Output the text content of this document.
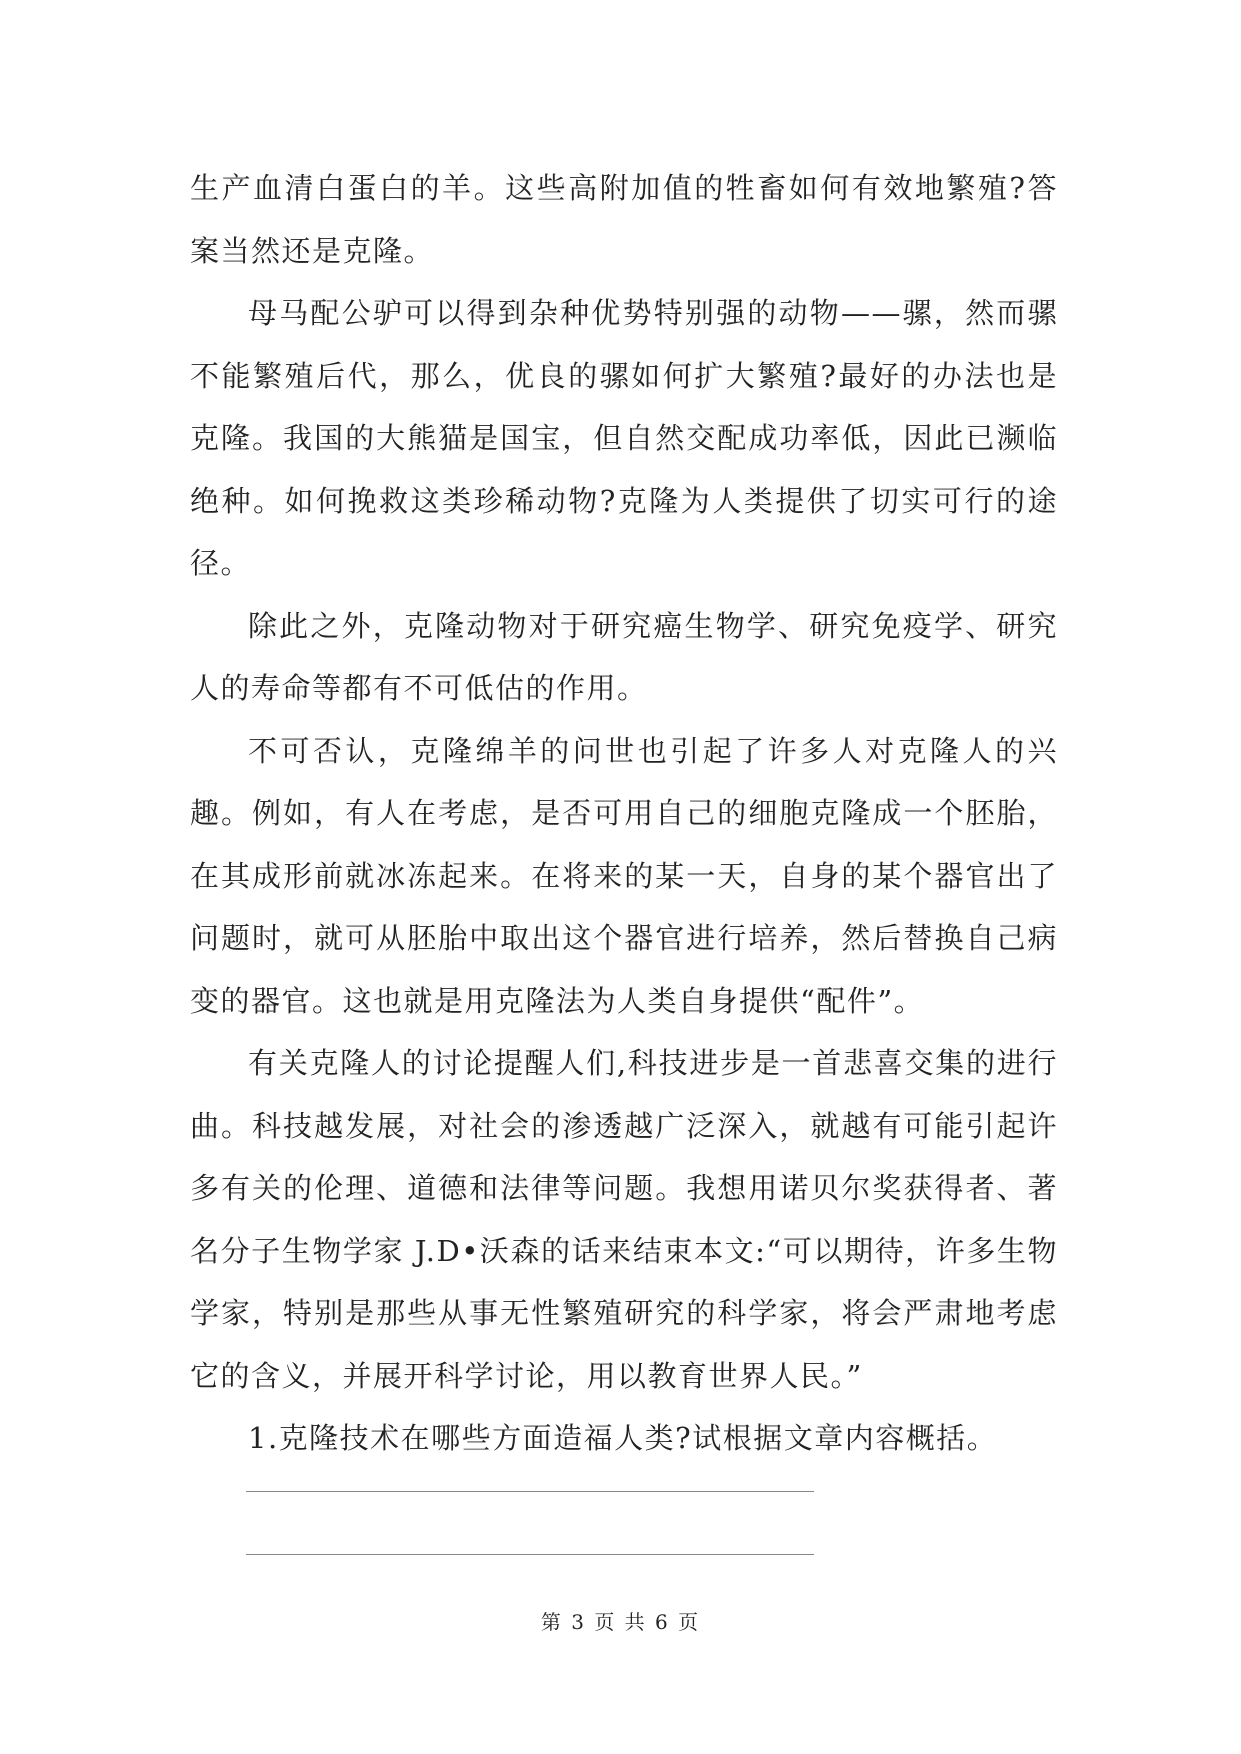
生产血清白蛋白的羊。这些高附加值的牲畜如何有效地繁殖?答案当然还是克隆。

母马配公驴可以得到杂种优势特别强的动物——骡，然而骡不能繁殖后代，那么，优良的骡如何扩大繁殖?最好的办法也是克隆。我国的大熊猫是国宝，但自然交配成功率低，因此已濒临绝种。如何挽救这类珍稀动物?克隆为人类提供了切实可行的途径。

除此之外，克隆动物对于研究癌生物学、研究免疫学、研究人的寿命等都有不可低估的作用。

不可否认，克隆绵羊的问世也引起了许多人对克隆人的兴趣。例如，有人在考虑，是否可用自己的细胞克隆成一个胚胎，在其成形前就冰冻起来。在将来的某一天，自身的某个器官出了问题时，就可从胚胎中取出这个器官进行培养，然后替换自己病变的器官。这也就是用克隆法为人类自身提供“配件”。

有关克隆人的讨论提醒人们,科技进步是一首悲喜交集的进行曲。科技越发展，对社会的渗透越广泛深入，就越有可能引起许多有关的伦理、道德和法律等问题。我想用诺贝尔奖获得者、著名分子生物学家 J.D•沃森的话来结束本文:“可以期待，许多生物学家，特别是那些从事无性繁殖研究的科学家，将会严肃地考虑它的含义，并展开科学讨论，用以教育世界人民。”

1.克隆技术在哪些方面造福人类?试根据文章内容概括。

第 3 页 共 6 页
